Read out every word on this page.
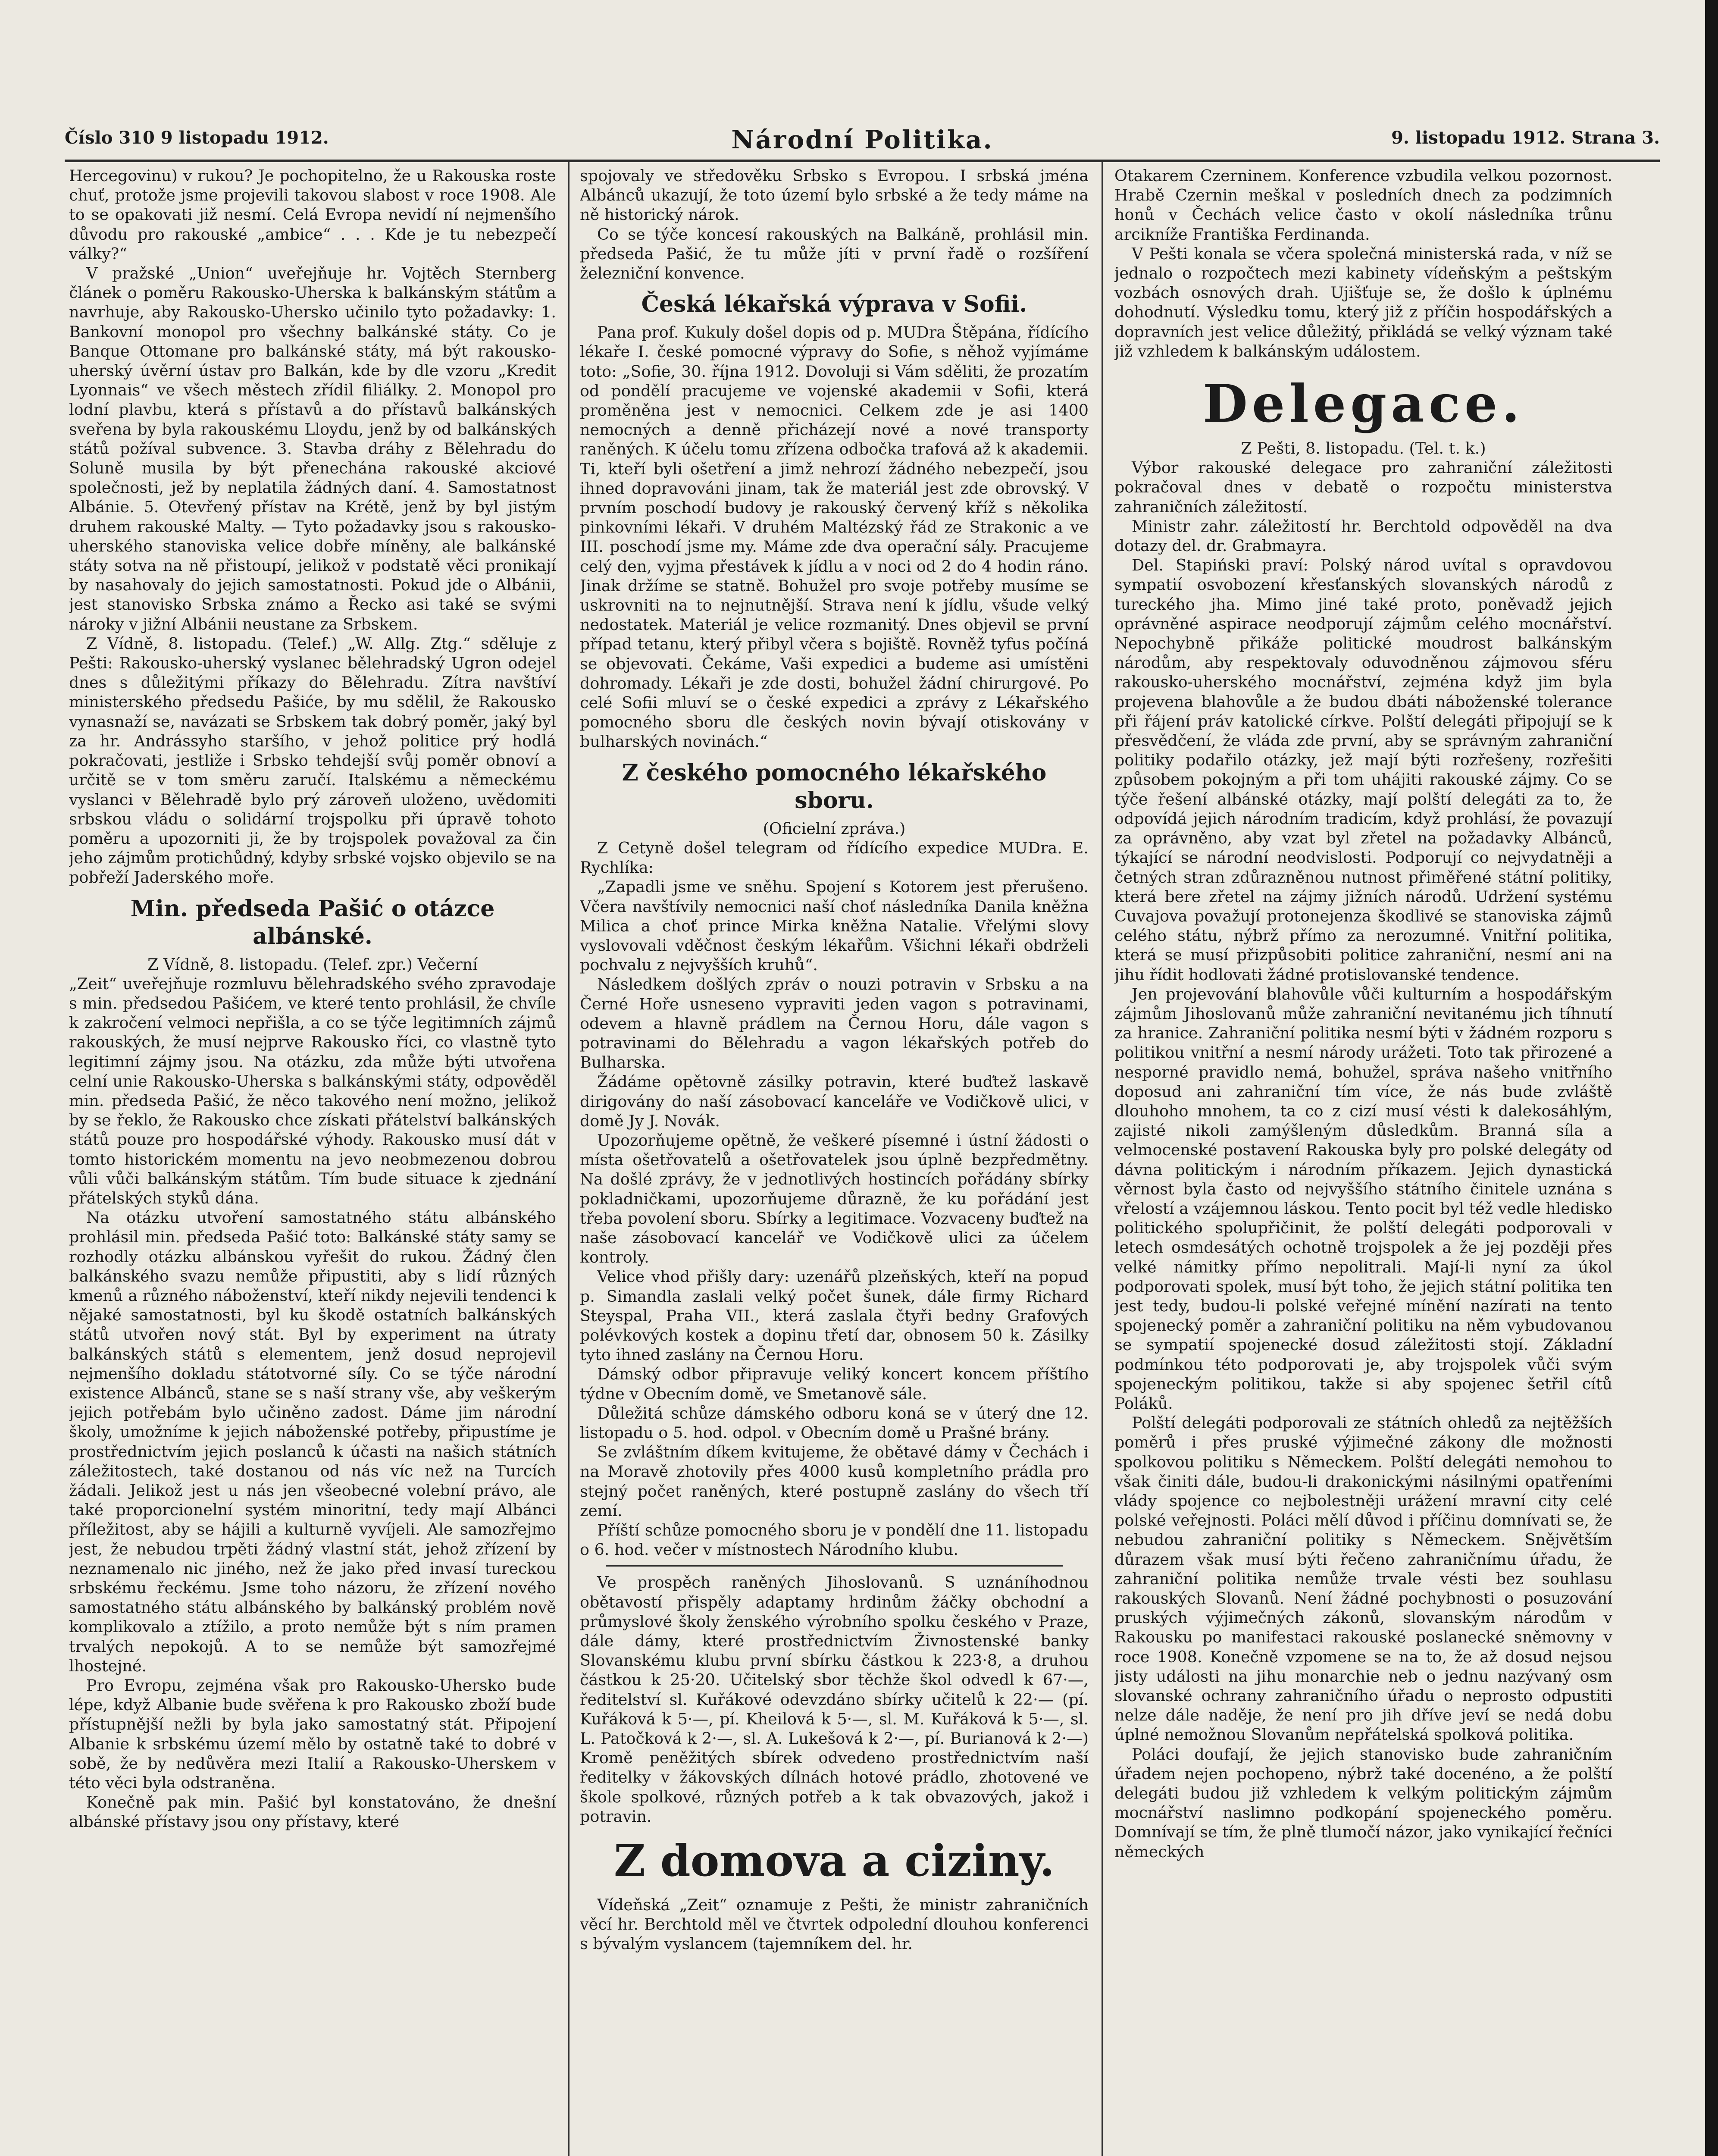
Číslo 310 9 listopadu 1912.	Národní Politika.	9. listopadu 1912. Strana 3.

Hercegovinu) v rukou? Je pochopitelno, že u Rakouska roste chuť, protože jsme projevili takovou slabost v roce 1908. Ale to se opakovati již nesmí. Celá Evropa nevidí ní nejmenšího důvodu pro rakouské „ambice“ . . . Kde je tu nebezpečí války?“

V pražské „Union“ uveřejňuje hr. Vojtěch Sternberg článek o poměru Rakousko-Uherska k balkánským státům a navrhuje, aby Rakousko-Uhersko učinilo tyto požadavky: 1. Bankovní monopol pro všechny balkánské státy. Co je Banque Ottomane pro balkánské státy, má být rakousko-uherský úvěrní ústav pro Balkán, kde by dle vzoru „Kredit Lyonnais“ ve všech městech zřídil filiálky. 2. Monopol pro lodní plavbu, která s přístavů a do přístavů balkánských sveřena by byla rakouskému Lloydu, jenž by od balkánských států požíval subvence. 3. Stavba dráhy z Bělehradu do Soluně musila by být přenechána rakouské akciové společnosti, jež by neplatila žádných daní. 4. Samostatnost Albánie. 5. Otevřený přístav na Krétě, jenž by byl jistým druhem rakouské Malty. — Tyto požadavky jsou s rakousko-uherského stanoviska velice dobře míněny, ale balkánské státy sotva na ně přistoupí, jelikož v podstatě věci pronikají by nasahovaly do jejich samostatnosti. Pokud jde o Albánii, jest stanovisko Srbska známo a Řecko asi také se svými nároky v jižní Albánii neustane za Srbskem.

Z Vídně, 8. listopadu. (Telef.) „W. Allg. Ztg.“ sděluje z Pešti: Rakousko-uherský vyslanec bělehradský Ugron odejel dnes s důležitými příkazy do Bělehradu. Zítra navštíví ministerského předsedu Pašiće, by mu sdělil, že Rakousko vynasnaží se, navázati se Srbskem tak dobrý poměr, jaký byl za hr. Andrássyho staršího, v jehož politice prý hodlá pokračovati, jestliže i Srbsko tehdejší svůj poměr obnoví a určitě se v tom směru zaručí. Italskému a německému vyslanci v Bělehradě bylo prý zároveň uloženo, uvědomiti srbskou vládu o solidární trojspolku při úpravě tohoto poměru a upozorniti ji, že by trojspolek považoval za čin jeho zájmům protichůdný, kdyby srbské vojsko objevilo se na pobřeží Jaderského moře.

Min. předseda Pašić o otázce albánské.

Z Vídně, 8. listopadu. (Telef. zpr.) Večerní

„Zeit“ uveřejňuje rozmluvu bělehradského svého zpravodaje s min. předsedou Pašićem, ve které tento prohlásil, že chvíle k zakročení velmoci nepřišla, a co se týče legitimních zájmů rakouských, že musí nejprve Rakousko říci, co vlastně tyto legitimní zájmy jsou. Na otázku, zda může býti utvořena celní unie Rakousko-Uherska s balkánskými státy, odpověděl min. předseda Pašić, že něco takového není možno, jelikož by se řeklo, že Rakousko chce získati přátelství balkánských států pouze pro hospodářské výhody. Rakousko musí dát v tomto historickém momentu na jevo neobmezenou dobrou vůli vůči balkánským státům. Tím bude situace k zjednání přátelských styků dána.

Na otázku utvoření samostatného státu albánského prohlásil min. předseda Pašić toto: Balkánské státy samy se rozhodly otázku albánskou vyřešit do rukou. Žádný člen balkánského svazu nemůže připustiti, aby s lidí různých kmenů a různého náboženství, kteří nikdy nejevili tendenci k nějaké samostatnosti, byl ku škodě ostatních balkánských států utvořen nový stát. Byl by experiment na útraty balkánských států s elementem, jenž dosud neprojevil nejmenšího dokladu státotvorné síly. Co se týče národní existence Albánců, stane se s naší strany vše, aby veškerým jejich potřebám bylo učiněno zadost. Dáme jim národní školy, umožníme k jejich náboženské potřeby, připustíme je prostřednictvím jejich poslanců k účasti na našich státních záležitostech, také dostanou od nás víc než na Turcích žádali. Jelikož jest u nás jen všeobecné volební právo, ale také proporcionelní systém minoritní, tedy mají Albánci příležitost, aby se hájili a kulturně vyvíjeli. Ale samozřejmo jest, že nebudou trpěti žádný vlastní stát, jehož zřízení by neznamenalo nic jiného, než že jako před invasí tureckou srbskému řeckému. Jsme toho názoru, že zřízení nového samostatného státu albánského by balkánský problém nově komplikovalo a ztížilo, a proto nemůže být s ním pramen trvalých nepokojů. A to se nemůže být samozřejmé lhostejné.

Pro Evropu, zejména však pro Rakousko-Uhersko bude lépe, když Albanie bude svěřena k pro Rakousko zboží bude přístupnější nežli by byla jako samostatný stát. Připojení Albanie k srbskému území mělo by ostatně také to dobré v sobě, že by nedůvěra mezi Italií a Rakousko-Uherskem v této věci byla odstraněna.

Konečně pak min. Pašić byl konstatováno, že dnešní albánské přístavy jsou ony přístavy, které

spojovaly ve středověku Srbsko s Evropou. I srbská jména Albánců ukazují, že toto území bylo srbské a že tedy máme na ně historický nárok.

Co se týče koncesí rakouských na Balkáně, prohlásil min. předseda Pašić, že tu může jíti v první řadě o rozšíření železniční konvence.

Česká lékařská výprava v Sofii.

Pana prof. Kukuly došel dopis od p. MUDra Štěpána, řídícího lékaře I. české pomocné výpravy do Sofie, s něhož vyjímáme toto: „Sofie, 30. října 1912. Dovoluji si Vám sděliti, že prozatím od pondělí pracujeme ve vojenské akademii v Sofii, která proměněna jest v nemocnici. Celkem zde je asi 1400 nemocných a denně přicházejí nové a nové transporty raněných. K účelu tomu zřízena odbočka trafová až k akademii. Ti, kteří byli ošetření a jimž nehrozí žádného nebezpečí, jsou ihned dopravováni jinam, tak že materiál jest zde obrovský. V prvním poschodí budovy je rakouský červený kříž s několika pinkovními lékaři. V druhém Maltézský řád ze Strakonic a ve III. poschodí jsme my. Máme zde dva operační sály. Pracujeme celý den, vyjma přestávek k jídlu a v noci od 2 do 4 hodin ráno. Jinak držíme se statně. Bohužel pro svoje potřeby musíme se uskrovniti na to nejnutnější. Strava není k jídlu, všude velký nedostatek. Materiál je velice rozmanitý. Dnes objevil se první případ tetanu, který přibyl včera s bojiště. Rovněž tyfus počíná se objevovati. Čekáme, Vaši expedici a budeme asi umístěni dohromady. Lékaři je zde dosti, bohužel žádní chirurgové. Po celé Sofii mluví se o české expedici a zprávy z Lékařského pomocného sboru dle českých novin bývají otiskovány v bulharských novinách.“

Z českého pomocného lékařského sboru.

(Oficielní zpráva.)

Z Cetyně došel telegram od řídícího expedice MUDra. E. Rychlíka:

„Zapadli jsme ve sněhu. Spojení s Kotorem jest přerušeno. Včera navštívily nemocnici naší choť následníka Danila kněžna Milica a choť prince Mirka kněžna Natalie. Vřelými slovy vyslovovali vděčnost českým lékařům. Všichni lékaři obdrželi pochvalu z nejvyšších kruhů“.

Následkem došlých zpráv o nouzi potravin v Srbsku a na Černé Hoře usneseno vypraviti jeden vagon s potravinami, odevem a hlavně prádlem na Černou Horu, dále vagon s potravinami do Bělehradu a vagon lékařských potřeb do Bulharska.

Žádáme opětovně zásilky potravin, které buďtež laskavě dirigovány do naší zásobovací kanceláře ve Vodičkově ulici, v domě Jy J. Novák.

Upozorňujeme opětně, že veškeré písemné i ústní žádosti o místa ošetřovatelů a ošetřovatelek jsou úplně bezpředmětny. Na došlé zprávy, že v jednotlivých hostincích pořádány sbírky pokladničkami, upozorňujeme důrazně, že ku pořádání jest třeba povolení sboru. Sbírky a legitimace. Vozvaceny buďtež na naše zásobovací kancelář ve Vodičkově ulici za účelem kontroly.

Velice vhod přišly dary: uzenářů plzeňských, kteří na popud p. Simandla zaslali velký počet šunek, dále firmy Richard Steyspal, Praha VII., která zaslala čtyři bedny Grafových polévkových kostek a dopinu třetí dar, obnosem 50 k. Zásilky tyto ihned zaslány na Černou Horu.

Dámský odbor připravuje veliký koncert koncem příštího týdne v Obecním domě, ve Smetanově sále.

Důležitá schůze dámského odboru koná se v úterý dne 12. listopadu o 5. hod. odpol. v Obecním domě u Prašné brány.

Se zvláštním díkem kvitujeme, že obětavé dámy v Čechách i na Moravě zhotovily přes 4000 kusů kompletního prádla pro stejný počet raněných, které postupně zaslány do všech tří zemí.

Příští schůze pomocného sboru je v pondělí dne 11. listopadu o 6. hod. večer v místnostech Národního klubu.

Ve prospěch raněných Jihoslovanů. S uznáníhodnou obětavostí přispěly adaptamy hrdinům žáčky obchodní a průmyslové školy ženského výrobního spolku českého v Praze, dále dámy, které prostřednictvím Živnostenské banky Slovanskému klubu první sbírku částkou k 223·8, a druhou částkou k 25·20. Učitelský sbor těchže škol odvedl k 67·—, ředitelství sl. Kuřákové odevzdáno sbírky učitelů k 22·— (pí. Kuřáková k 5·—, pí. Kheilová k 5·—, sl. M. Kuřáková k 5·—, sl. L. Patočková k 2·—, sl. A. Lukešová k 2·—, pí. Burianová k 2·—) Kromě peněžitých sbírek odvedeno prostřednictvím naší ředitelky v žákovských dílnách hotové prádlo, zhotovené ve škole spolkové, různých potřeb a k tak obvazových, jakož i potravin.

Z domova a ciziny.

Vídeňská „Zeit“ oznamuje z Pešti, že ministr zahraničních věcí hr. Berchtold měl ve čtvrtek odpolední dlouhou konferenci s bývalým vyslancem (tajemníkem del. hr.

Otakarem Czerninem. Konference vzbudila velkou pozornost. Hrabě Czernin meškal v posledních dnech za podzimních honů v Čechách velice často v okolí následníka trůnu arcikníže Františka Ferdinanda.

V Pešti konala se včera společná ministerská rada, v níž se jednalo o rozpočtech mezi kabinety vídeňským a peštským vozbách osnových drah. Ujišťuje se, že došlo k úplnému dohodnutí. Výsledku tomu, který již z příčin hospodářských a dopravních jest velice důležitý, přikládá se velký význam také již vzhledem k balkánským událostem.

Delegace.

Z Pešti, 8. listopadu. (Tel. t. k.)

Výbor rakouské delegace pro zahraniční záležitosti pokračoval dnes v debatě o rozpočtu ministerstva zahraničních záležitostí.

Ministr zahr. záležitostí hr. Berchtold odpověděl na dva dotazy del. dr. Grabmayra.

Del. Stapiński praví: Polský národ uvítal s opravdovou sympatií osvobození křesťanských slovanských národů z tureckého jha. Mimo jiné také proto, poněvadž jejich oprávněné aspirace neodporují zájmům celého mocnářství. Nepochybně přikáže politické moudrost balkánským národům, aby respektovaly oduvodněnou zájmovou sféru rakousko-uherského mocnářství, zejména když jim byla projevena blahovůle a že budou dbáti náboženské tolerance při řájení práv katolické církve. Polští delegáti připojují se k přesvědčení, že vláda zde první, aby se správným zahraniční politiky podařilo otázky, jež mají býti rozřešeny, rozřešiti způsobem pokojným a při tom uhájiti rakouské zájmy. Co se týče řešení albánské otázky, mají polští delegáti za to, že odpovídá jejich národním tradicím, když prohlásí, že povazují za oprávněno, aby vzat byl zřetel na požadavky Albánců, týkající se národní neodvislosti. Podporují co nejvydatněji a četných stran zdůrazněnou nutnost přiměřené státní politiky, která bere zřetel na zájmy jižních národů. Udržení systému Cuvajova považují protonejenza škodlivé se stanoviska zájmů celého státu, nýbrž přímo za nerozumné. Vnitřní politika, která se musí přizpůsobiti politice zahraniční, nesmí ani na jihu řídit hodlovati žádné protislovanské tendence.

Jen projevování blahovůle vůči kulturním a hospodářským zájmům Jihoslovanů může zahraniční nevitanému jich tíhnutí za hranice. Zahraniční politika nesmí býti v žádném rozporu s politikou vnitřní a nesmí národy urážeti. Toto tak přirozené a nesporné pravidlo nemá, bohužel, správa našeho vnitřního doposud ani zahraniční tím více, že nás bude zvláště dlouhoho mnohem, ta co z cizí musí vésti k dalekosáhlým, zajisté nikoli zamýšleným důsledkům. Branná síla a velmocenské postavení Rakouska byly pro polské delegáty od dávna politickým i národním příkazem. Jejich dynastická věrnost byla často od nejvyššího státního činitele uznána s vřelostí a vzájemnou láskou. Tento pocit byl též vedle hledisko politického spolupřičinit, že polští delegáti podporovali v letech osmdesátých ochotně trojspolek a že jej později přes velké námitky přímo nepolitrali. Mají-li nyní za úkol podporovati spolek, musí být toho, že jejich státní politika ten jest tedy, budou-li polské veřejné mínění nazírati na tento spojenecký poměr a zahraniční politiku na něm vybudovanou se sympatií spojenecké dosud záležitosti stojí. Základní podmínkou této podporovati je, aby trojspolek vůči svým spojeneckým politikou, takže si aby spojenec šetřil cítů Poláků.

Polští delegáti podporovali ze státních ohledů za nejtěžších poměrů i přes pruské výjimečné zákony dle možnosti spolkovou politiku s Německem. Polští delegáti nemohou to však činiti dále, budou-li drakonickými násilnými opatřeními vlády spojence co nejbolestněji urážení mravní city celé polské veřejnosti. Poláci mělí důvod i příčinu domnívati se, že nebudou zahraniční politiky s Německem. Snějvětším důrazem však musí býti řečeno zahraničnímu úřadu, že zahraniční politika nemůže trvale vésti bez souhlasu rakouských Slovanů. Není žádné pochybnosti o posuzování pruských výjimečných zákonů, slovanským národům v Rakousku po manifestaci rakouské poslanecké sněmovny v roce 1908. Konečně vzpomene se na to, že až dosud nejsou jisty události na jihu monarchie neb o jednu nazývaný osm slovanské ochrany zahraničního úřadu o neprosto odpustiti nelze dále naděje, že není pro jih dříve jeví se nedá dobu úplné nemožnou Slovanům nepřátelská spolková politika.

Poláci doufají, že jejich stanovisko bude zahraničním úřadem nejen pochopeno, nýbrž také docenéno, a že polští delegáti budou již vzhledem k velkým politickým zájmům mocnářství naslimno podkopání spojeneckého poměru. Domnívají se tím, že plně tlumočí názor, jako vynikající řečníci německých
